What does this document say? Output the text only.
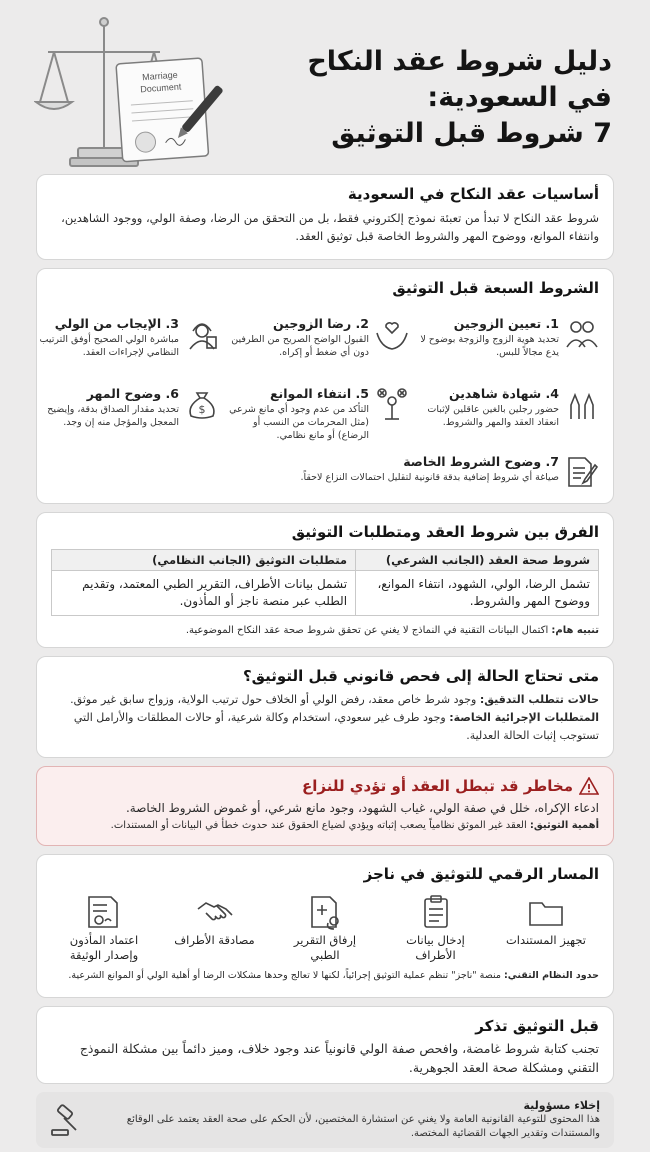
Marriage
Document
دليل شروط عقد النكاح
في السعودية:
7 شروط قبل التوثيق
أساسيات عقد النكاح في السعودية

شروط عقد النكاح لا تبدأ من تعبئة نموذج إلكتروني فقط، بل من التحقق من الرضا، وصفة الولي، ووجود الشاهدين، وانتفاء الموانع، ووضوح المهر والشروط الخاصة قبل توثيق العقد.

الشروط السبعة قبل التوثيق
1. تعيين الزوجين
تحديد هوية الزوج والزوجة بوضوح لا يدع مجالاً للبس.
2. رضا الزوجين
القبول الواضح الصريح من الطرفين دون أي ضغط أو إكراه.
3. الإيجاب من الولي
مباشرة الولي الصحيح أوفق الترتيب النظامي لإجراءات العقد.
4. شهادة شاهدين
حضور رجلين بالغين عاقلين لإثبات انعقاد العقد والمهر والشروط.
5. انتفاء الموانع
التأكد من عدم وجود أي مانع شرعي (مثل المحرمات من النسب أو الرضاع) أو مانع نظامي.
$
6. وضوح المهر
تحديد مقدار الصداق بدقة، وإيضيح المعجل والمؤجل منه إن وجد.
7. وضوح الشروط الخاصة
صياغة أي شروط إضافية بدقة قانونية لتقليل احتمالات النزاع لاحقاً.
الفرق بين شروط العقد ومتطلبات التوثيق
شروط صحة العقد (الجانب الشرعي)	متطلبات التوثيق (الجانب النظامي)
تشمل الرضا، الولي، الشهود، انتفاء الموانع، ووضوح المهر والشروط.	تشمل بيانات الأطراف، التقرير الطبي المعتمد، وتقديم الطلب عبر منصة ناجز أو المأذون.

تنبيه هام: اكتمال البيانات التقنية في النماذج لا يغني عن تحقق شروط صحة عقد النكاح الموضوعية.

متى تحتاج الحالة إلى فحص قانوني قبل التوثيق؟

حالات تتطلب التدقيق: وجود شرط خاص معقد، رفض الولي أو الخلاف حول ترتيب الولاية، وزواج سابق غير موثق.

المتطلبات الإجرائية الخاصة: وجود طرف غير سعودي، استخدام وكالة شرعية، أو حالات المطلقات والأرامل التي تستوجب إثبات الحالة العدلية.

مخاطر قد تبطل العقد أو تؤدي للنزاع

ادعاء الإكراه، خلل في صفة الولي، غياب الشهود، وجود مانع شرعي، أو غموض الشروط الخاصة.

أهمية التوثيق: العقد غير الموثق نظامياً يصعب إثباته ويؤدي لضياع الحقوق عند حدوث خطأ في البيانات أو المستندات.

المسار الرقمي للتوثيق في ناجز
تجهيز المستندات
إدخال بيانات الأطراف
إرفاق التقرير الطبي
مصادقة الأطراف
اعتماد المأذون وإصدار الوثيقة

حدود النظام التقني: منصة "ناجز" تنظم عملية التوثيق إجرائياً، لكنها لا تعالج وحدها مشكلات الرضا أو أهلية الولي أو الموانع الشرعية.

قبل التوثيق تذكر

تجنب كتابة شروط غامضة، وافحص صفة الولي قانونياً عند وجود خلاف، وميز دائماً بين مشكلة النموذج التقني ومشكلة صحة العقد الجوهرية.

إخلاء مسؤولية
هذا المحتوى للتوعية القانونية العامة ولا يغني عن استشارة المختصين، لأن الحكم على صحة العقد يعتمد على الوقائع والمستندات وتقدير الجهات القضائية المختصة.
